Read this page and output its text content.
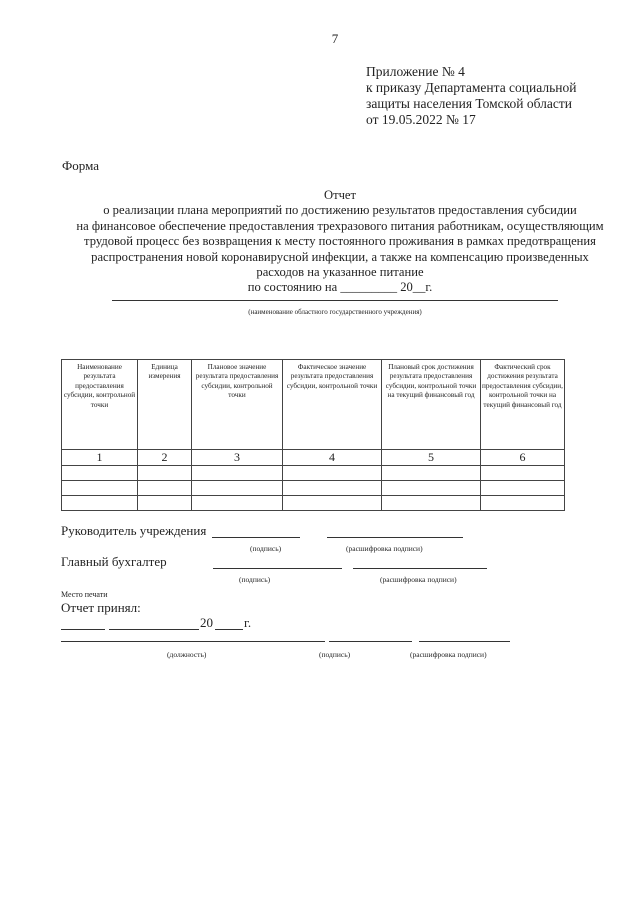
7
Приложение № 4
к приказу Департамента социальной
защиты населения Томской области
от 19.05.2022 № 17
Форма
Отчет
о реализации плана мероприятий по достижению результатов предоставления субсидии
на финансовое обеспечение предоставления трехразового питания работникам, осуществляющим
трудовой процесс без возвращения к месту постоянного проживания в рамках предотвращения
распространения новой коронавирусной инфекции, а также на компенсацию произведенных
расходов на указанное питание
по состоянию на _________ 20__г.
(наименование областного государственного учреждения)
Наименование результата предоставления субсидии, контрольной точки	Единица измерения	Плановое значение результата предоставления субсидии, контрольной точки	Фактическое значение результата предоставления субсидии, контрольной точки	Плановый срок достижения результата предоставления субсидии, контрольной точки на текущий финансовый год	Фактический срок достижения результата предоставления субсидии, контрольной точки на текущий финансовый год
1	2	3	4	5	6

Руководитель учреждения
(подпись)	(расшифровка подписи)
Главный бухгалтер
(подпись)	(расшифровка подписи)
Место печати
Отчет принял:
20 г.
(должность)	(подпись)	(расшифровка подписи)
